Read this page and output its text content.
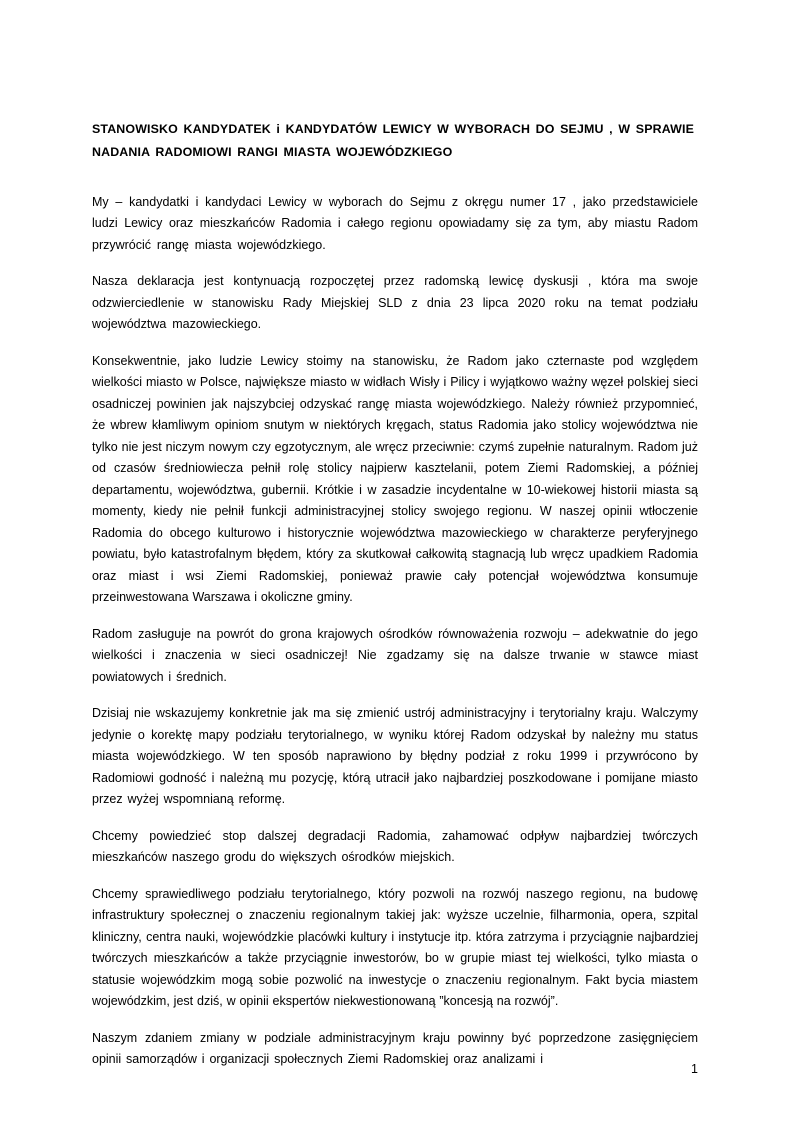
STANOWISKO KANDYDATEK i KANDYDATÓW LEWICY W WYBORACH DO SEJMU , W SPRAWIE
NADANIA RADOMIOWI RANGI MIASTA WOJEWÓDZKIEGO

My – kandydatki i kandydaci Lewicy w wyborach do Sejmu z okręgu numer 17 , jako przedstawiciele ludzi Lewicy oraz mieszkańców Radomia i całego regionu opowiadamy się za tym, aby miastu Radom przywrócić rangę miasta wojewódzkiego.

Nasza deklaracja jest kontynuacją rozpoczętej przez radomską lewicę dyskusji , która ma swoje odzwierciedlenie w stanowisku Rady Miejskiej SLD z dnia 23 lipca 2020 roku na temat podziału województwa mazowieckiego.

Konsekwentnie, jako ludzie Lewicy stoimy na stanowisku, że Radom jako czternaste pod względem wielkości miasto w Polsce, największe miasto w widłach Wisły i Pilicy i wyjątkowo ważny węzeł polskiej sieci osadniczej powinien jak najszybciej odzyskać rangę miasta wojewódzkiego. Należy również przypomnieć, że wbrew kłamliwym opiniom snutym w niektórych kręgach, status Radomia jako stolicy województwa nie tylko nie jest niczym nowym czy egzotycznym, ale wręcz przeciwnie: czymś zupełnie naturalnym. Radom już od czasów średniowiecza pełnił rolę stolicy najpierw kasztelanii, potem Ziemi Radomskiej, a później departamentu, województwa, gubernii. Krótkie i w zasadzie incydentalne w 10-wiekowej historii miasta są momenty, kiedy nie pełnił funkcji administracyjnej stolicy swojego regionu. W naszej opinii wtłoczenie Radomia do obcego kulturowo i historycznie województwa mazowieckiego w charakterze peryferyjnego powiatu, było katastrofalnym błędem, który za skutkował całkowitą stagnacją lub wręcz upadkiem Radomia oraz miast i wsi Ziemi Radomskiej, ponieważ prawie cały potencjał województwa konsumuje przeinwestowana Warszawa i okoliczne gminy.

Radom zasługuje na powrót do grona krajowych ośrodków równoważenia rozwoju – adekwatnie do jego wielkości i znaczenia w sieci osadniczej! Nie zgadzamy się na dalsze trwanie w stawce miast powiatowych i średnich.

Dzisiaj nie wskazujemy konkretnie jak ma się zmienić ustrój administracyjny i terytorialny kraju. Walczymy jedynie o korektę mapy podziału terytorialnego, w wyniku której Radom odzyskał by należny mu status miasta wojewódzkiego. W ten sposób naprawiono by błędny podział z roku 1999 i przywrócono by Radomiowi godność i należną mu pozycję, którą utracił jako najbardziej poszkodowane i pomijane miasto przez wyżej wspomnianą reformę.

Chcemy powiedzieć stop dalszej degradacji Radomia, zahamować odpływ najbardziej twórczych mieszkańców naszego grodu do większych ośrodków miejskich.

Chcemy sprawiedliwego podziału terytorialnego, który pozwoli na rozwój naszego regionu, na budowę infrastruktury społecznej o znaczeniu regionalnym takiej jak: wyższe uczelnie, filharmonia, opera, szpital kliniczny, centra nauki, wojewódzkie placówki kultury i instytucje itp. która zatrzyma i przyciągnie najbardziej twórczych mieszkańców a także przyciągnie inwestorów, bo w grupie miast tej wielkości, tylko miasta o statusie wojewódzkim mogą sobie pozwolić na inwestycje o znaczeniu regionalnym. Fakt bycia miastem wojewódzkim, jest dziś, w opinii ekspertów niekwestionowaną ”koncesją na rozwój”.

Naszym zdaniem zmiany w podziale administracyjnym kraju powinny być poprzedzone zasięgnięciem opinii samorządów i organizacji społecznych Ziemi Radomskiej oraz analizami i

1
